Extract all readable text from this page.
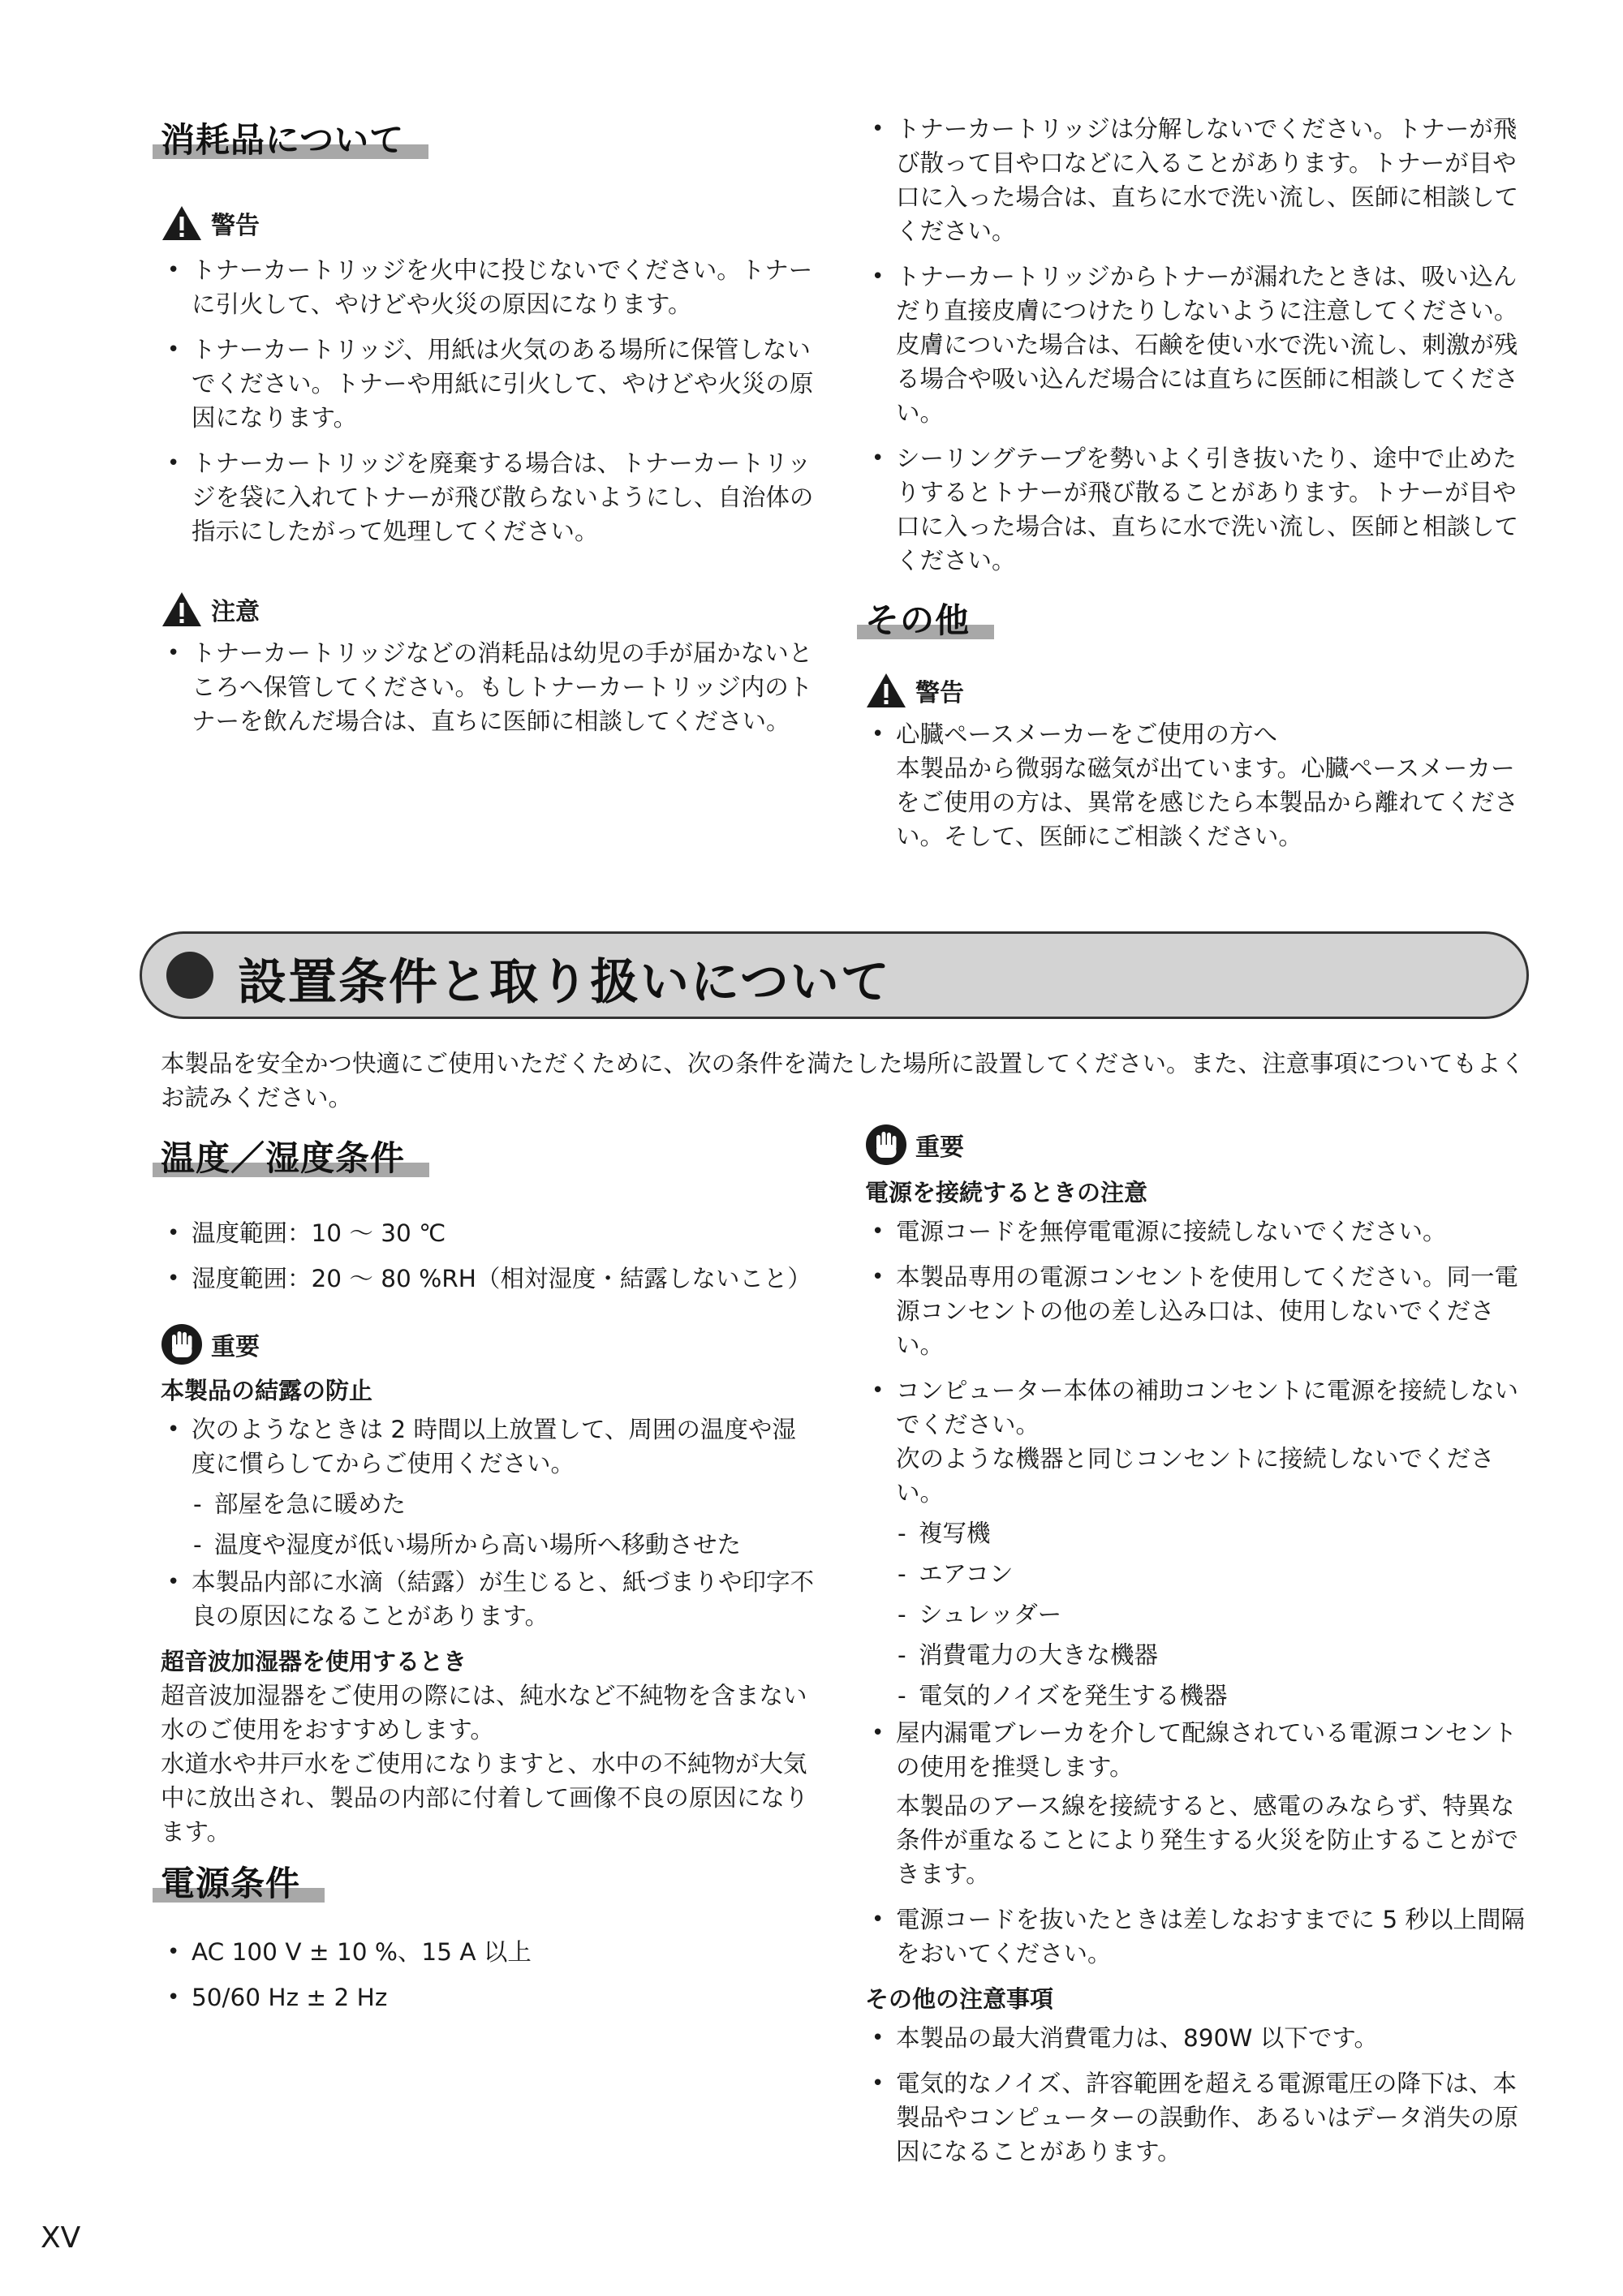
消耗品について
警告
• トナーカートリッジを火中に投じないでください。トナーに引火して、やけどや火災の原因になります。
• トナーカートリッジ、用紙は火気のある場所に保管しないでください。トナーや用紙に引火して、やけどや火災の原因になります。
• トナーカートリッジを廃棄する場合は、トナーカートリッジを袋に入れてトナーが飛び散らないようにし、自治体の指示にしたがって処理してください。
注意
• トナーカートリッジなどの消耗品は幼児の手が届かないところへ保管してください。もしトナーカートリッジ内のトナーを飲んだ場合は、直ちに医師に相談してください。
• トナーカートリッジは分解しないでください。トナーが飛び散って目や口などに入ることがあります。トナーが目や口に入った場合は、直ちに水で洗い流し、医師に相談してください。
• トナーカートリッジからトナーが漏れたときは、吸い込んだり直接皮膚につけたりしないように注意してください。皮膚についた場合は、石鹸を使い水で洗い流し、刺激が残る場合や吸い込んだ場合には直ちに医師に相談してください。
• シーリングテープを勢いよく引き抜いたり、途中で止めたりするとトナーが飛び散ることがあります。トナーが目や口に入った場合は、直ちに水で洗い流し、医師と相談してください。
その他
警告
• 心臓ペースメーカーをご使用の方へ
本製品から微弱な磁気が出ています。心臓ペースメーカーをご使用の方は、異常を感じたら本製品から離れてください。そして、医師にご相談ください。
設置条件と取り扱いについて
本製品を安全かつ快適にご使用いただくために、次の条件を満たした場所に設置してください。また、注意事項についてもよくお読みください。
温度／湿度条件
• 温度範囲：10 ～ 30 ℃
• 湿度範囲：20 ～ 80 %RH（相対湿度・結露しないこと）
重要

本製品の結露の防止

• 次のようなときは 2 時間以上放置して、周囲の温度や湿度に慣らしてからご使用ください。
- 部屋を急に暖めた
- 温度や湿度が低い場所から高い場所へ移動させた
• 本製品内部に水滴（結露）が生じると、紙づまりや印字不良の原因になることがあります。

超音波加湿器を使用するとき

超音波加湿器をご使用の際には、純水など不純物を含まない水のご使用をおすすめします。

水道水や井戸水をご使用になりますと、水中の不純物が大気中に放出され、製品の内部に付着して画像不良の原因になります。

電源条件
• AC 100 V ± 10 %、15 A 以上
• 50/60 Hz ± 2 Hz
重要

電源を接続するときの注意

• 電源コードを無停電電源に接続しないでください。
• 本製品専用の電源コンセントを使用してください。同一電源コンセントの他の差し込み口は、使用しないでください。
• コンピューター本体の補助コンセントに電源を接続しないでください。
次のような機器と同じコンセントに接続しないでください。
- 複写機
- エアコン
- シュレッダー
- 消費電力の大きな機器
- 電気的ノイズを発生する機器
• 屋内漏電ブレーカを介して配線されている電源コンセントの使用を推奨します。
本製品のアース線を接続すると、感電のみならず、特異な条件が重なることにより発生する火災を防止することができます。
• 電源コードを抜いたときは差しなおすまでに 5 秒以上間隔をおいてください。

その他の注意事項

• 本製品の最大消費電力は、890W 以下です。
• 電気的なノイズ、許容範囲を超える電源電圧の降下は、本製品やコンピューターの誤動作、あるいはデータ消失の原因になることがあります。
XV
